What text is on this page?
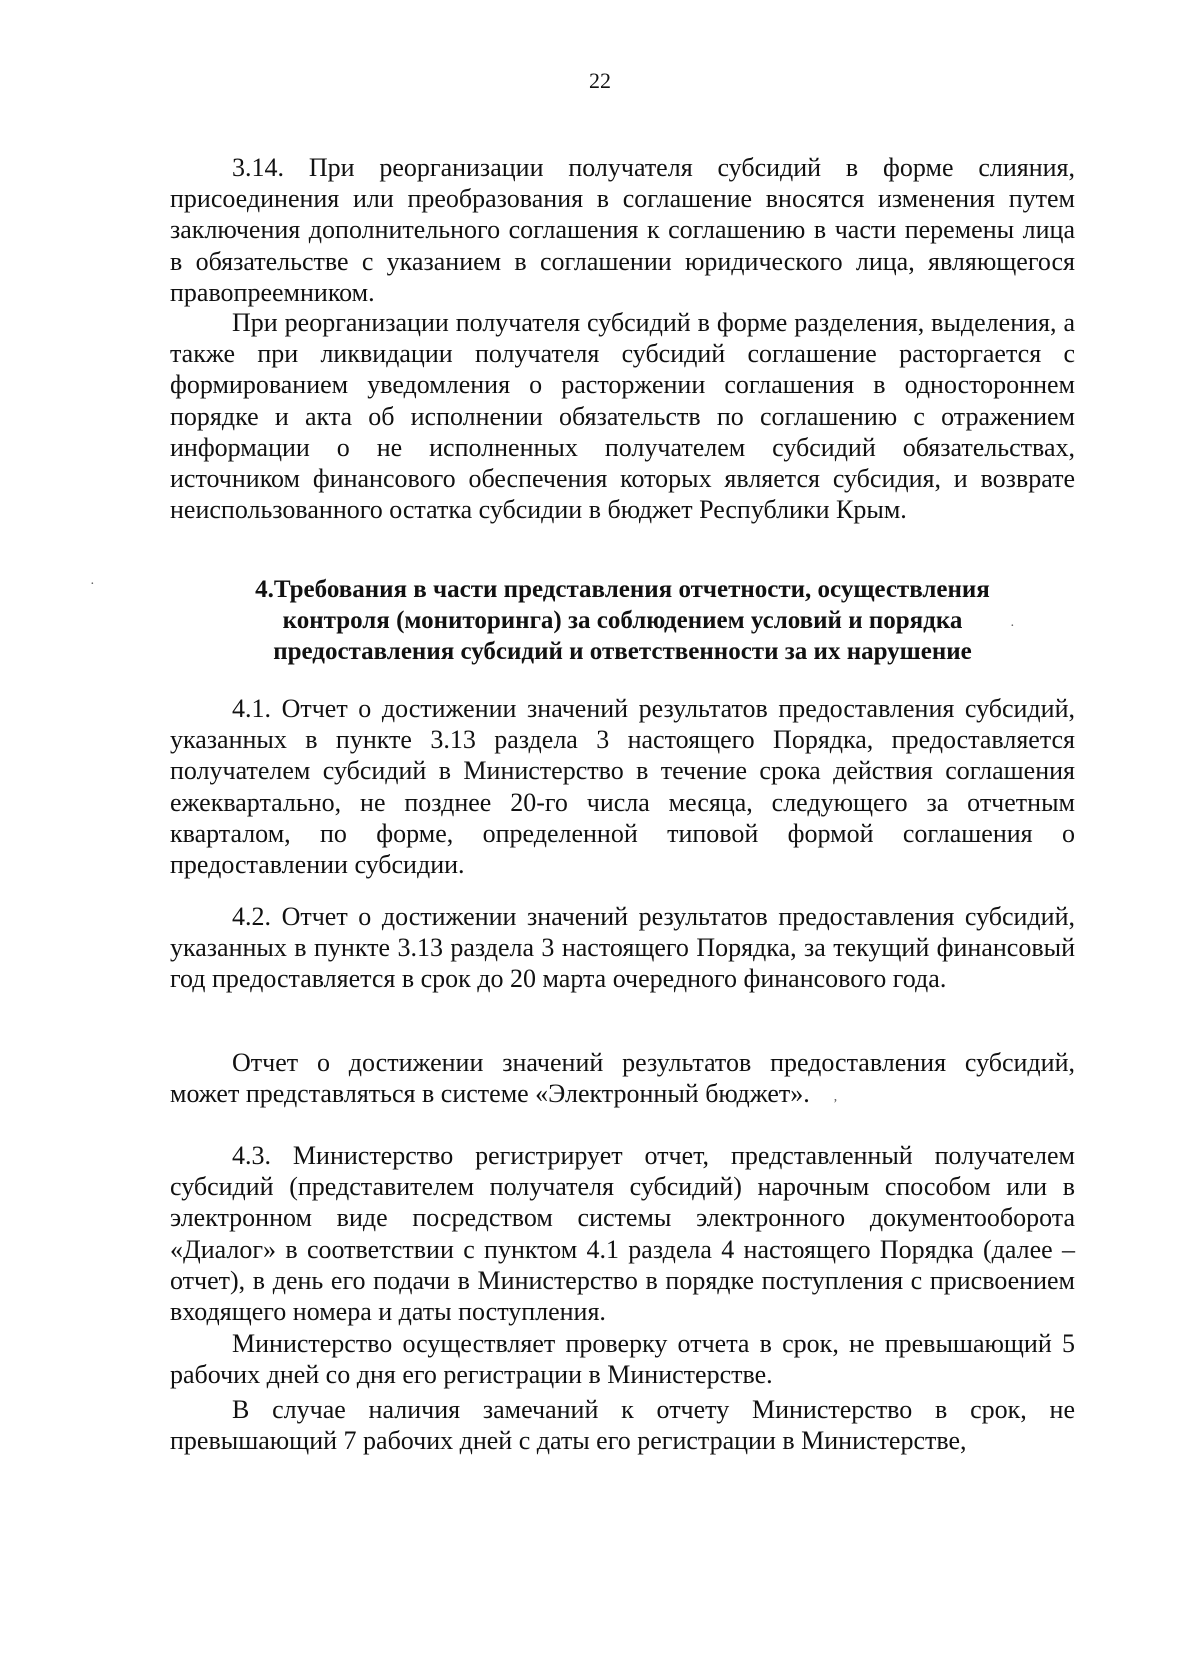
22

3.14. При реорганизации получателя субсидий в форме слияния, присоединения или преобразования в соглашение вносятся изменения путем заключения дополнительного соглашения к соглашению в части перемены лица в обязательстве с указанием в соглашении юридического лица, являющегося правопреемником.

При реорганизации получателя субсидий в форме разделения, выделения, а также при ликвидации получателя субсидий соглашение расторгается с формированием уведомления о расторжении соглашения в одностороннем порядке и акта об исполнении обязательств по соглашению с отражением информации о не исполненных получателем субсидий обязательствах, источником финансового обеспечения которых является субсидия, и возврате неиспользованного остатка субсидии в бюджет Республики Крым.

4.Требования в части представления отчетности, осуществления
контроля (мониторинга) за соблюдением условий и порядка
предоставления субсидий и ответственности за их нарушение

4.1. Отчет о достижении значений результатов предоставления субсидий, указанных в пункте 3.13 раздела 3 настоящего Порядка, предоставляется получателем субсидий в Министерство в течение срока действия соглашения ежеквартально, не позднее 20-го числа месяца, следующего за отчетным кварталом, по форме, определенной типовой формой соглашения о предоставлении субсидии.

4.2. Отчет о достижении значений результатов предоставления субсидий, указанных в пункте 3.13 раздела 3 настоящего Порядка, за текущий финансовый год предоставляется в срок до 20 марта очередного финансового года.

Отчет о достижении значений результатов предоставления субсидий, может представляться в системе «Электронный бюджет».

4.3. Министерство регистрирует отчет, представленный получателем субсидий (представителем получателя субсидий) нарочным способом или в электронном виде посредством системы электронного документооборота «Диалог» в соответствии с пунктом 4.1 раздела 4 настоящего Порядка (далее – отчет), в день его подачи в Министерство в порядке поступления с присвоением входящего номера и даты поступления.

Министерство осуществляет проверку отчета в срок, не превышающий 5 рабочих дней со дня его регистрации в Министерстве.

В случае наличия замечаний к отчету Министерство в срок, не превышающий 7 рабочих дней с даты его регистрации в Министерстве,

·
·
ʼ
